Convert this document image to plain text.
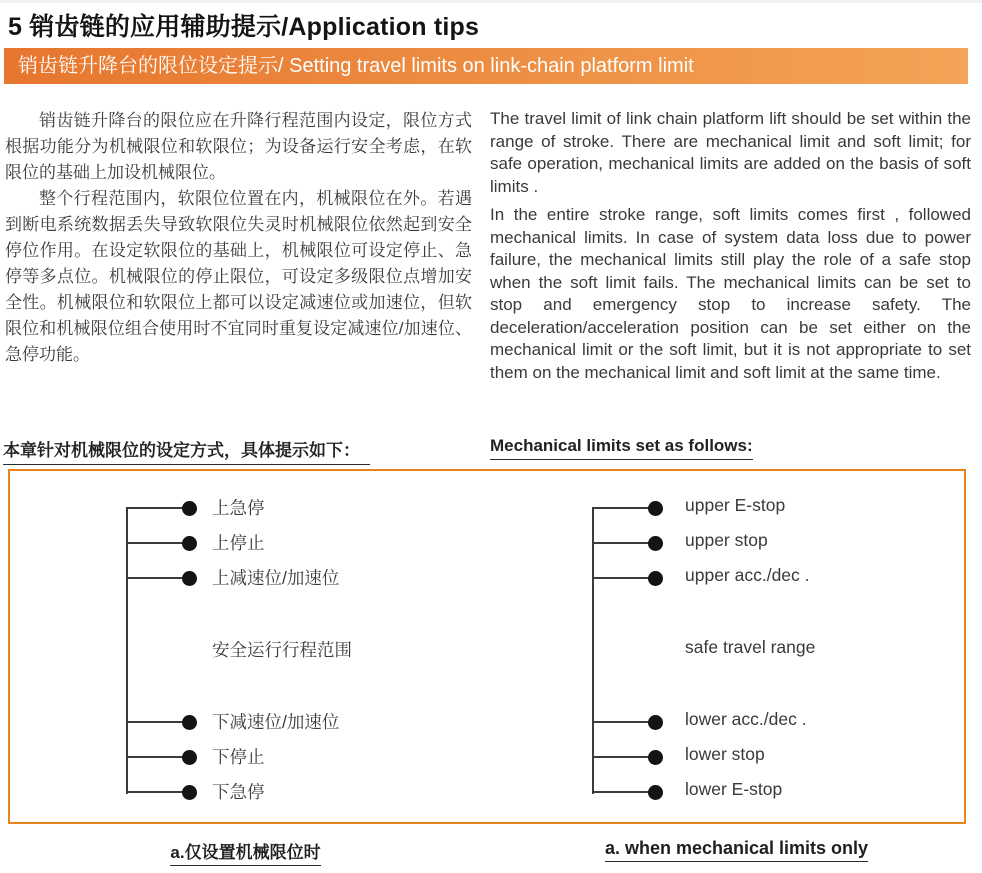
5 销齿链的应用辅助提示/Application tips
销齿链升降台的限位设定提示/ Setting travel limits on link-chain platform limit

销齿链升降台的限位应在升降行程范围内设定，限位方式根据功能分为机械限位和软限位；为设备运行安全考虑，在软限位的基础上加设机械限位。

整个行程范围内，软限位位置在内，机械限位在外。若遇到断电系统数据丢失导致软限位失灵时机械限位依然起到安全停位作用。在设定软限位的基础上，机械限位可设定停止、急停等多点位。机械限位的停止限位，可设定多级限位点增加安全性。机械限位和软限位上都可以设定减速位或加速位，但软限位和机械限位组合使用时不宜同时重复设定减速位/加速位、急停功能。

The travel limit of link chain platform lift should be set within the range of stroke. There are mechanical limit and soft limit; for safe operation, mechanical limits are added on the basis of soft limits .

In the entire stroke range, soft limits comes first , followed mechanical limits. In case of system data loss due to power failure, the mechanical limits still play the role of a safe stop when the soft limit fails. The mechanical limits can be set to stop and emergency stop to increase safety. The deceleration/acceleration position can be set either on the mechanical limit or the soft limit, but it is not appropriate to set them on the mechanical limit and soft limit at the same time.

本章针对机械限位的设定方式，具体提示如下：	Mechanical limits set as follows:
上急停
上停止
上减速位/加速位
安全运行行程范围
下减速位/加速位
下停止
下急停
upper E-stop
upper stop
upper acc./dec .
safe travel range
lower acc./dec .
lower stop
lower E-stop
a.仅设置机械限位时	a. when mechanical limits only
